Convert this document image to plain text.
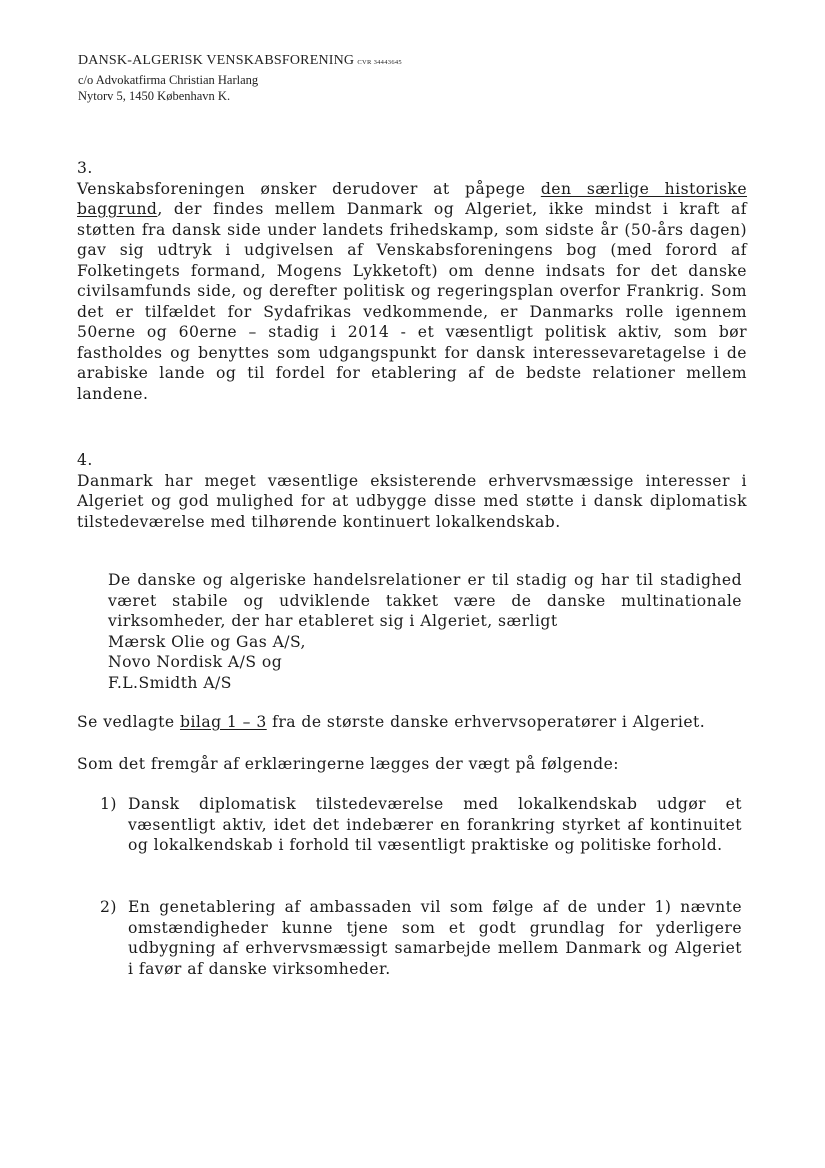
DANSK-ALGERISK VENSKABSFORENING CVR 34443645
c/o Advokatfirma Christian Harlang
Nytorv 5, 1450 København K.
3.

Venskabsforeningen ønsker derudover at påpege den særlige historiske baggrund, der findes mellem Danmark og Algeriet, ikke mindst i kraft af støtten fra dansk side under landets frihedskamp, som sidste år (50-års dagen) gav sig udtryk i udgivelsen af Venskabsforeningens bog (med forord af Folketingets formand, Mogens Lykketoft) om denne indsats for det danske civilsamfunds side, og derefter politisk og regeringsplan overfor Frankrig. Som det er tilfældet for Sydafrikas vedkommende, er Danmarks rolle igennem 50erne og 60erne – stadig i 2014 - et væsentligt politisk aktiv, som bør fastholdes og benyttes som udgangspunkt for dansk interessevaretagelse i de arabiske lande og til fordel for etablering af de bedste relationer mellem landene.

4.

Danmark har meget væsentlige eksisterende erhvervsmæssige interesser i Algeriet og god mulighed for at udbygge disse med støtte i dansk diplomatisk tilstedeværelse med tilhørende kontinuert lokalkendskab.

De danske og algeriske handelsrelationer er til stadig og har til stadighed været stabile og udviklende takket være de danske multinationale virksomheder, der har etableret sig i Algeriet, særligt

Mærsk Olie og Gas A/S,
Novo Nordisk A/S og
F.L.Smidth A/S
Se vedlagte bilag 1 – 3 fra de største danske erhvervsoperatører i Algeriet.
Som det fremgår af erklæringerne lægges der vægt på følgende:
1) Dansk diplomatisk tilstedeværelse med lokalkendskab udgør et væsentligt aktiv, idet det indebærer en forankring styrket af kontinuitet og lokalkendskab i forhold til væsentligt praktiske og politiske forhold.
2) En genetablering af ambassaden vil som følge af de under 1) nævnte omstændigheder kunne tjene som et godt grundlag for yderligere udbygning af erhvervsmæssigt samarbejde mellem Danmark og Algeriet i favør af danske virksomheder.
